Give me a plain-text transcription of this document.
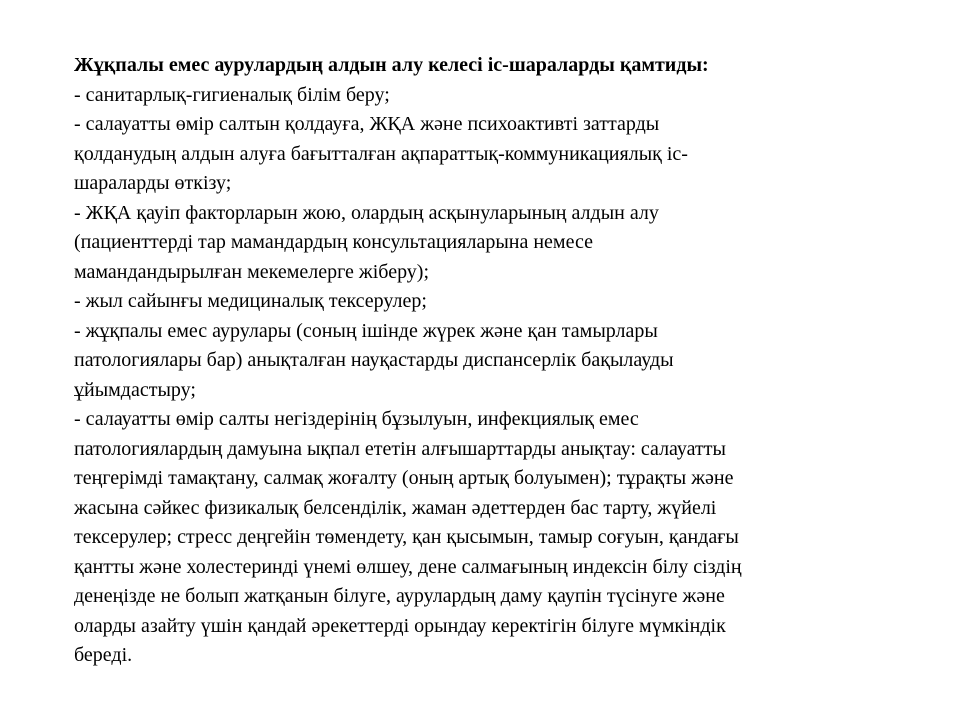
Жұқпалы емес аурулардың алдын алу келесі іс-шараларды қамтиды:
- санитарлық-гигиеналық білім беру;
- салауатты өмір салтын қолдауға, ЖҚА және психоактивті заттарды
қолданудың алдын алуға бағытталған ақпараттық-коммуникациялық іс-
шараларды өткізу;
- ЖҚА қауіп факторларын жою, олардың асқынуларының алдын алу
(пациенттерді тар мамандардың консультацияларына немесе
мамандандырылған мекемелерге жіберу);
- жыл сайынғы медициналық тексерулер;
- жұқпалы емес аурулары (соның ішінде жүрек және қан тамырлары
патологиялары бар) анықталған науқастарды диспансерлік бақылауды
ұйымдастыру;
- салауатты өмір салты негіздерінің бұзылуын, инфекциялық емес
патологиялардың дамуына ықпал ететін алғышарттарды анықтау: салауатты
теңгерімді тамақтану, салмақ жоғалту (оның артық болуымен); тұрақты және
жасына сәйкес физикалық белсенділік, жаман әдеттерден бас тарту, жүйелі
тексерулер; стресс деңгейін төмендету, қан қысымын, тамыр соғуын, қандағы
қантты және холестеринді үнемі өлшеу, дене салмағының индексін білу сіздің
денеңізде не болып жатқанын білуге, аурулардың даму қаупін түсінуге және
оларды азайту үшін қандай әрекеттерді орындау керектігін білуге мүмкіндік
береді.
